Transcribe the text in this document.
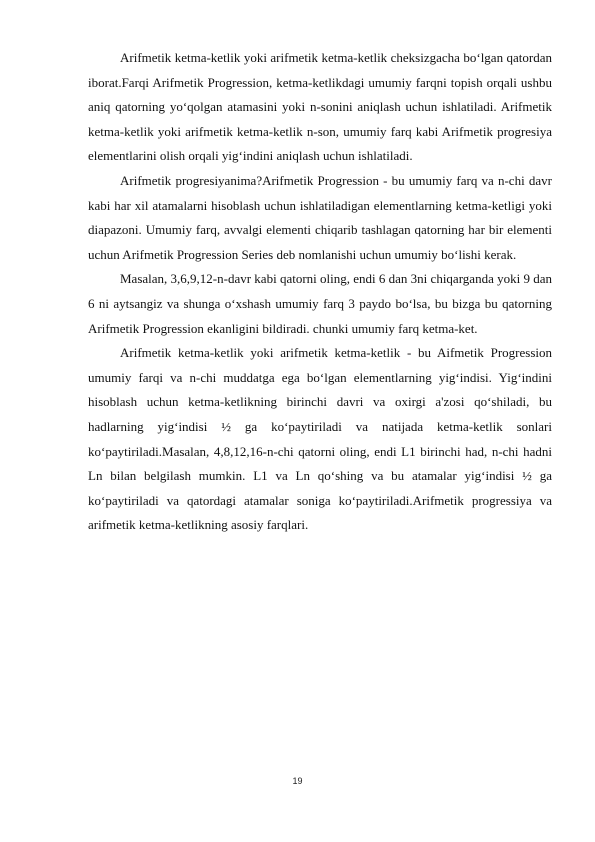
Arifmetik ketma-ketlik yoki arifmetik ketma-ketlik cheksizgacha bo‘lgan qatordan iborat.Farqi Arifmetik Progression, ketma-ketlikdagi umumiy farqni topish orqali ushbu aniq qatorning yo‘qolgan atamasini yoki n-sonini aniqlash uchun ishlatiladi. Arifmetik ketma-ketlik yoki arifmetik ketma-ketlik n-son, umumiy farq kabi Arifmetik progresiya elementlarini olish orqali yig‘indini aniqlash uchun ishlatiladi.

Arifmetik progresiyanima?Arifmetik Progression - bu umumiy farq va n-chi davr kabi har xil atamalarni hisoblash uchun ishlatiladigan elementlarning ketma-ketligi yoki diapazoni. Umumiy farq, avvalgi elementi chiqarib tashlagan qatorning har bir elementi uchun Arifmetik Progression Series deb nomlanishi uchun umumiy bo‘lishi kerak.

Masalan, 3,6,9,12-n-davr kabi qatorni oling, endi 6 dan 3ni chiqarganda yoki 9 dan 6 ni aytsangiz va shunga o‘xshash umumiy farq 3 paydo bo‘lsa, bu bizga bu qatorning Arifmetik Progression ekanligini bildiradi. chunki umumiy farq ketma-ket.

Arifmetik ketma-ketlik yoki arifmetik ketma-ketlik - bu Aifmetik Progression umumiy farqi va n-chi muddatga ega bo‘lgan elementlarning yig‘indisi. Yig‘indini hisoblash uchun ketma-ketlikning birinchi davri va oxirgi a'zosi qo‘shiladi, bu hadlarning yig‘indisi ½ ga ko‘paytiriladi va natijada ketma-ketlik sonlari ko‘paytiriladi.Masalan, 4,8,12,16-n-chi qatorni oling, endi L1 birinchi had, n-chi hadni Ln bilan belgilash mumkin. L1 va Ln qo‘shing va bu atamalar yig‘indisi ½ ga ko‘paytiriladi va qatordagi atamalar soniga ko‘paytiriladi.Arifmetik progressiya va arifmetik ketma-ketlikning asosiy farqlari.

19
